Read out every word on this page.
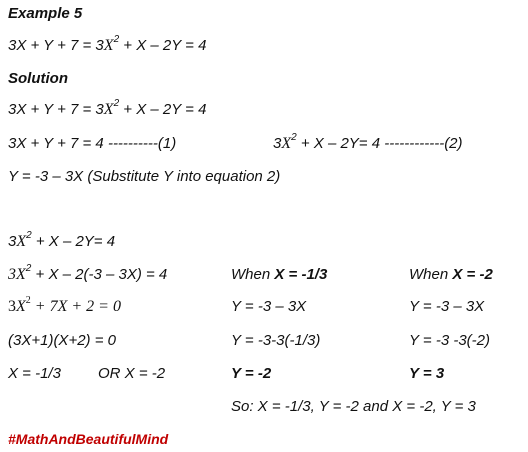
Example 5
$3X + Y + 7 = 3X^2 + X - 2Y = 4$
Solution
$3X + Y + 7 = 3X^2 + X - 2Y = 4$
3X + Y + 7 = 4 ----------(1)	$3X^2 + X - 2Y= 4$ ------------(2)
Y = -3 – 3X (Substitute Y into equation 2)
$3X^2 + X - 2Y= 4$
$3X^2 + X - 2(-3 - 3X) = 4$
$3X^2 + 7X + 2 = 0$
(3X+1)(X+2) = 0
X = -1/3 OR X = -2
When X = -1/3
Y = -3 – 3X
Y = -3-3(-1/3)
Y = -2
When X = -2
Y = -3 – 3X
Y = -3 -3(-2)
Y = 3
So: X = -1/3, Y = -2 and X = -2, Y = 3
#MathAndBeautifulMind
